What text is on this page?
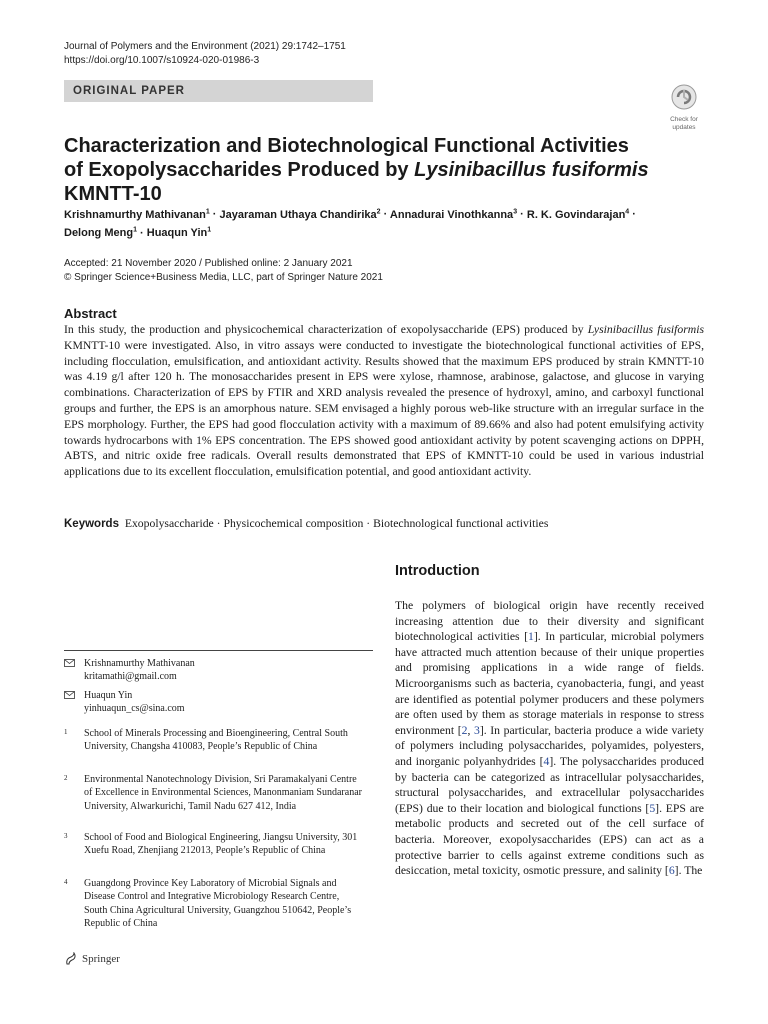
Journal of Polymers and the Environment (2021) 29:1742–1751
https://doi.org/10.1007/s10924-020-01986-3
ORIGINAL PAPER
Check for
updates
Characterization and Biotechnological Functional Activities
of Exopolysaccharides Produced by Lysinibacillus fusiformis KMNTT-10
Krishnamurthy Mathivanan$^1$ · Jayaraman Uthaya Chandirika$^2$ · Annadurai Vinothkanna$^3$ · R. K. Govindarajan$^4$ ·
Delong Meng$^1$ · Huaqun Yin$^1$
Accepted: 21 November 2020 / Published online: 2 January 2021
© Springer Science+Business Media, LLC, part of Springer Nature 2021
Abstract
In this study, the production and physicochemical characterization of exopolysaccharide (EPS) produced by Lysinibacillus fusiformis KMNTT-10 were investigated. Also, in vitro assays were conducted to investigate the biotechnological functional activities of EPS, including flocculation, emulsification, and antioxidant activity. Results showed that the maximum EPS produced by strain KMNTT-10 was 4.19 g/l after 120 h. The monosaccharides present in EPS were xylose, rhamnose, arabinose, galactose, and glucose in varying combinations. Characterization of EPS by FTIR and XRD analysis revealed the presence of hydroxyl, amino, and carboxyl functional groups and further, the EPS is an amorphous nature. SEM envisaged a highly porous web-like structure with an irregular surface in the EPS morphology. Further, the EPS had good flocculation activity with a maximum of 89.66% and also had potent emulsifying activity towards hydrocarbons with 1% EPS concentration. The EPS showed good antioxidant activity by potent scavenging actions on DPPH, ABTS, and nitric oxide free radicals. Overall results demonstrated that EPS of KMNTT-10 could be used in various industrial applications due to its excellent flocculation, emulsification potential, and good antioxidant activity.
Keywords Exopolysaccharide · Physicochemical composition · Biotechnological functional activities
Introduction
The polymers of biological origin have recently received increasing attention due to their diversity and significant biotechnological activities [1]. In particular, microbial polymers have attracted much attention because of their unique properties and promising applications in a wide range of fields. Microorganisms such as bacteria, cyanobacteria, fungi, and yeast are identified as potential polymer producers and these polymers are often used by them as storage materials in response to stress environment [2, 3]. In particular, bacteria produce a wide variety of polymers including polysaccharides, polyamides, polyesters, and inorganic polyanhydrides [4]. The polysaccharides produced by bacteria can be categorized as intracellular polysaccharides, structural polysaccharides, and extracellular polysaccharides (EPS) due to their location and biological functions [5]. EPS are metabolic products and secreted out of the cell surface of bacteria. Moreover, exopolysaccharides (EPS) can act as a protective barrier to cells against extreme conditions such as desiccation, metal toxicity, osmotic pressure, and salinity [6]. The
Krishnamurthy Mathivanan
kritamathi@gmail.com
Huaqun Yin
yinhuaqun_cs@sina.com
1 School of Minerals Processing and Bioengineering, Central South University, Changsha 410083, People’s Republic of China
2 Environmental Nanotechnology Division, Sri Paramakalyani Centre of Excellence in Environmental Sciences, Manonmaniam Sundaranar University, Alwarkurichi, Tamil Nadu 627 412, India
3 School of Food and Biological Engineering, Jiangsu University, 301 Xuefu Road, Zhenjiang 212013, People’s Republic of China
4 Guangdong Province Key Laboratory of Microbial Signals and Disease Control and Integrative Microbiology Research Centre, South China Agricultural University, Guangzhou 510642, People’s Republic of China
Springer
